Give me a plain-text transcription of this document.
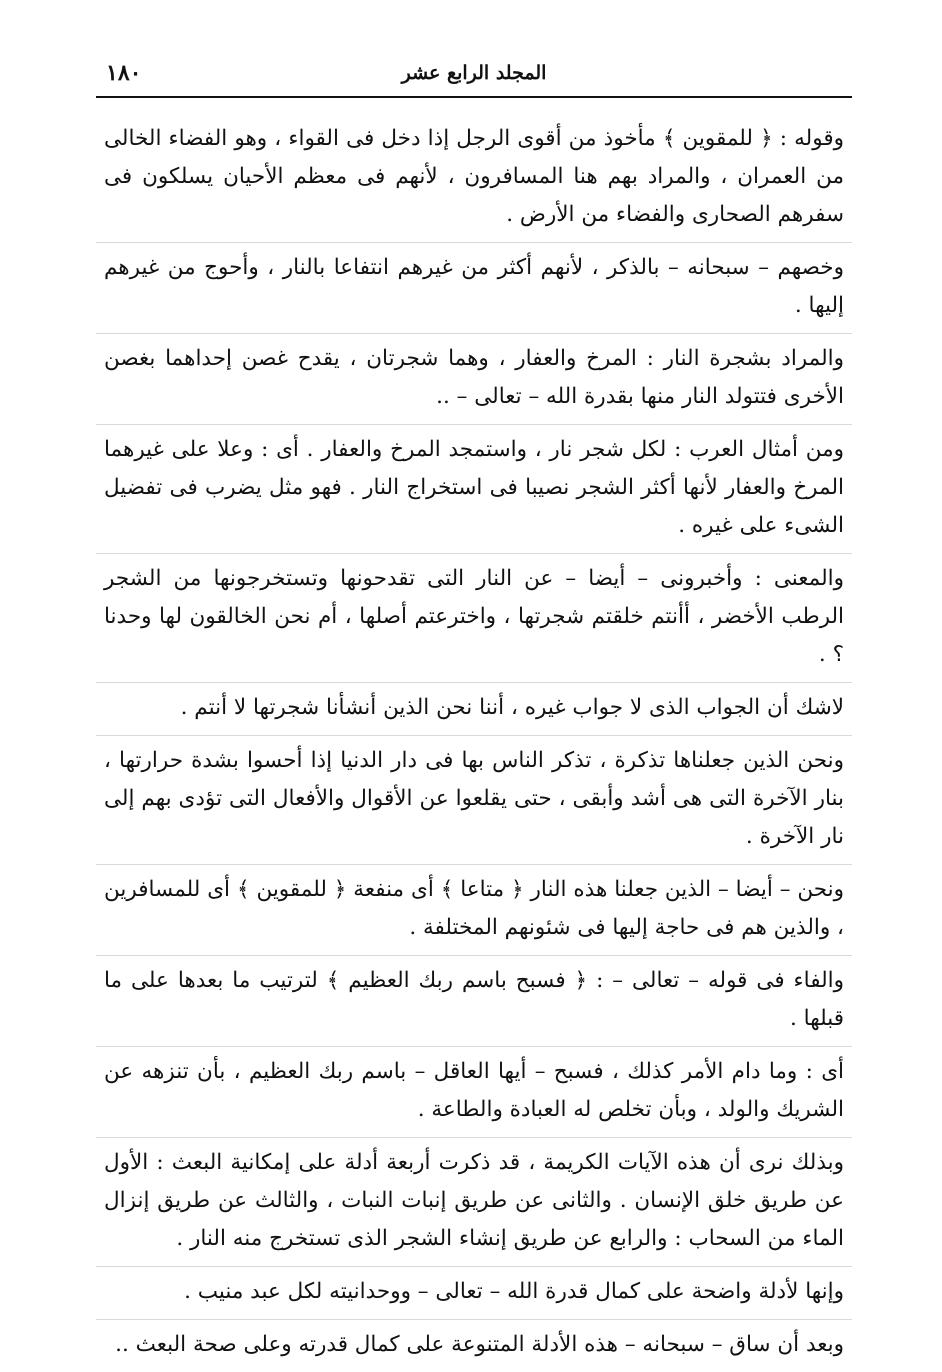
١٨٠	المجلد الرابع عشر

وقوله : ﴿ للمقوين ﴾ مأخوذ من أقوى الرجل إذا دخل فى القواء ، وهو الفضاء الخالى من العمران ، والمراد بهم هنا المسافرون ، لأنهم فى معظم الأحيان يسلكون فى سفرهم الصحارى والفضاء من الأرض .

وخصهم – سبحانه – بالذكر ، لأنهم أكثر من غيرهم انتفاعا بالنار ، وأحوج من غيرهم إليها .

والمراد بشجرة النار : المرخ والعفار ، وهما شجرتان ، يقدح غصن إحداهما بغصن الأخرى فتتولد النار منها بقدرة الله – تعالى – ..

ومن أمثال العرب : لكل شجر نار ، واستمجد المرخ والعفار . أى : وعلا على غيرهما المرخ والعفار لأنها أكثر الشجر نصيبا فى استخراج النار . فهو مثل يضرب فى تفضيل الشىء على غيره .

والمعنى : وأخبرونى – أيضا – عن النار التى تقدحونها وتستخرجونها من الشجر الرطب الأخضر ، أأنتم خلقتم شجرتها ، واخترعتم أصلها ، أم نحن الخالقون لها وحدنا ؟ .

لاشك أن الجواب الذى لا جواب غيره ، أننا نحن الذين أنشأنا شجرتها لا أنتم .

ونحن الذين جعلناها تذكرة ، تذكر الناس بها فى دار الدنيا إذا أحسوا بشدة حرارتها ، بنار الآخرة التى هى أشد وأبقى ، حتى يقلعوا عن الأقوال والأفعال التى تؤدى بهم إلى نار الآخرة .

ونحن – أيضا – الذين جعلنا هذه النار ﴿ متاعا ﴾ أى منفعة ﴿ للمقوين ﴾ أى للمسافرين ، والذين هم فى حاجة إليها فى شئونهم المختلفة .

والفاء فى قوله – تعالى – : ﴿ فسبح باسم ربك العظيم ﴾ لترتيب ما بعدها على ما قبلها .

أى : وما دام الأمر كذلك ، فسبح – أيها العاقل – باسم ربك العظيم ، بأن تنزهه عن الشريك والولد ، وبأن تخلص له العبادة والطاعة .

وبذلك نرى أن هذه الآيات الكريمة ، قد ذكرت أربعة أدلة على إمكانية البعث : الأول عن طريق خلق الإنسان . والثانى عن طريق إنبات النبات ، والثالث عن طريق إنزال الماء من السحاب : والرابع عن طريق إنشاء الشجر الذى تستخرج منه النار .

وإنها لأدلة واضحة على كمال قدرة الله – تعالى – ووحدانيته لكل عبد منيب .

وبعد أن ساق – سبحانه – هذه الأدلة المتنوعة على كمال قدرته وعلى صحة البعث ..
